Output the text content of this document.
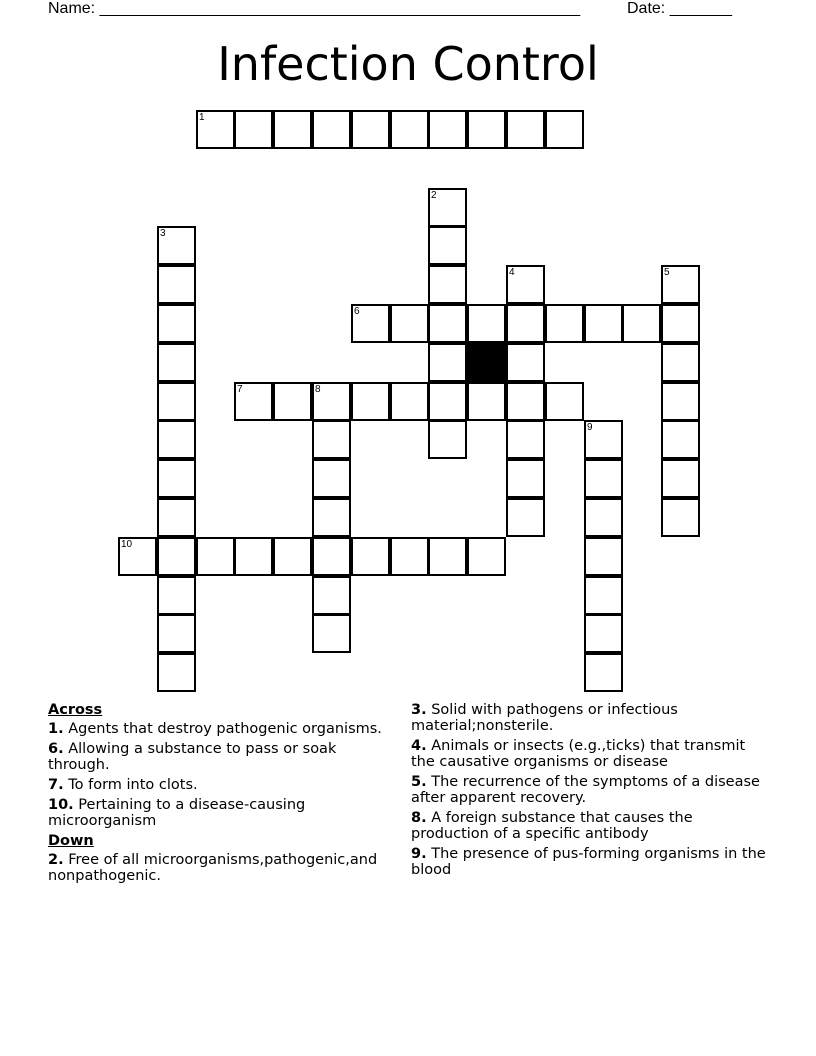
Name: ______________________________________________________	Date: _______
Infection Control
1
2
3
4	5
6
7	8
9
10
Across
1. Agents that destroy pathogenic organisms.
6. Allowing a substance to pass or soak through.
7. To form into clots.
10. Pertaining to a disease-causing microorganism
Down
2. Free of all microorganisms,pathogenic,and nonpathogenic.
3. Solid with pathogens or infectious material;nonsterile.
4. Animals or insects (e.g.,ticks) that transmit the causative organisms or disease
5. The recurrence of the symptoms of a disease after apparent recovery.
8. A foreign substance that causes the production of a specific antibody
9. The presence of pus-forming organisms in the blood
